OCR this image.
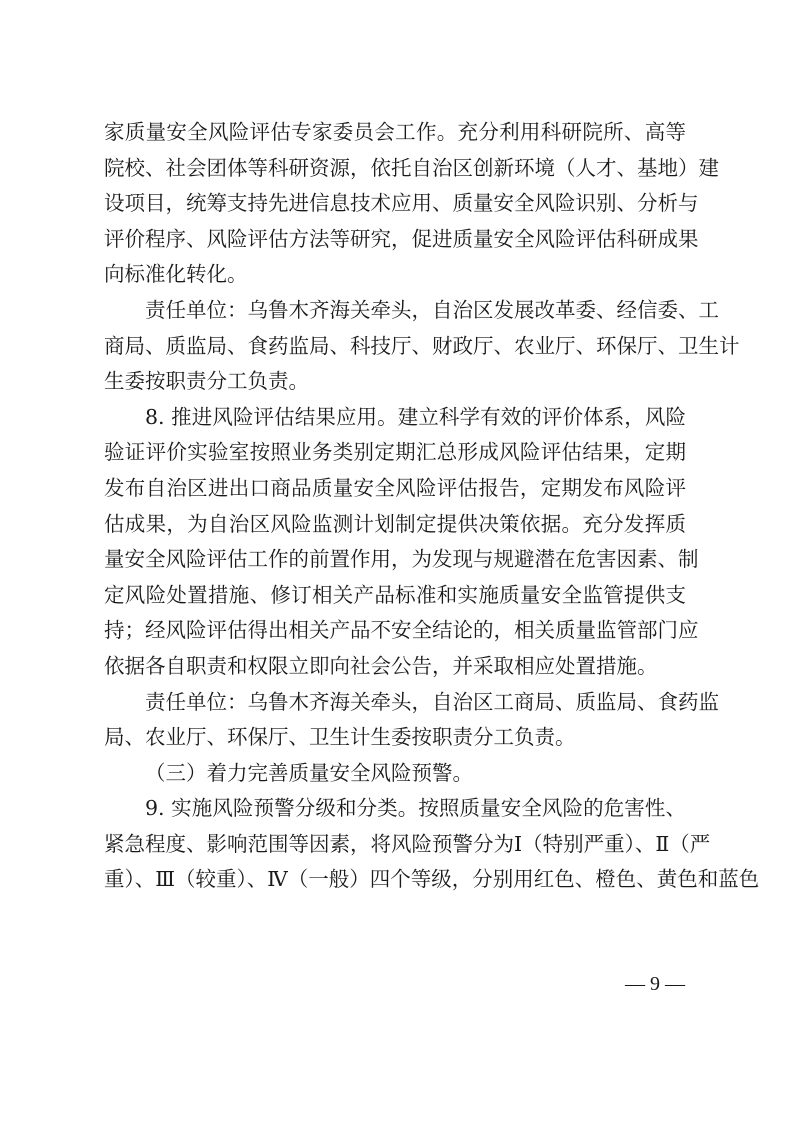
家质量安全风险评估专家委员会工作。充分利用科研院所、高等
院校、社会团体等科研资源，依托自治区创新环境（人才、基地）建
设项目，统筹支持先进信息技术应用、质量安全风险识别、分析与
评价程序、风险评估方法等研究，促进质量安全风险评估科研成果
向标准化转化。
责任单位：乌鲁木齐海关牵头，自治区发展改革委、经信委、工
商局、质监局、食药监局、科技厅、财政厅、农业厅、环保厅、卫生计
生委按职责分工负责。
8. 推进风险评估结果应用。建立科学有效的评价体系，风险
验证评价实验室按照业务类别定期汇总形成风险评估结果，定期
发布自治区进出口商品质量安全风险评估报告，定期发布风险评
估成果，为自治区风险监测计划制定提供决策依据。充分发挥质
量安全风险评估工作的前置作用，为发现与规避潜在危害因素、制
定风险处置措施、修订相关产品标准和实施质量安全监管提供支
持；经风险评估得出相关产品不安全结论的，相关质量监管部门应
依据各自职责和权限立即向社会公告，并采取相应处置措施。
责任单位：乌鲁木齐海关牵头，自治区工商局、质监局、食药监
局、农业厅、环保厅、卫生计生委按职责分工负责。
（三）着力完善质量安全风险预警。
9. 实施风险预警分级和分类。按照质量安全风险的危害性、
紧急程度、影响范围等因素，将风险预警分为Ⅰ（特别严重）、Ⅱ（严
重）、Ⅲ（较重）、Ⅳ（一般）四个等级，分别用红色、橙色、黄色和蓝色
— 9 —
